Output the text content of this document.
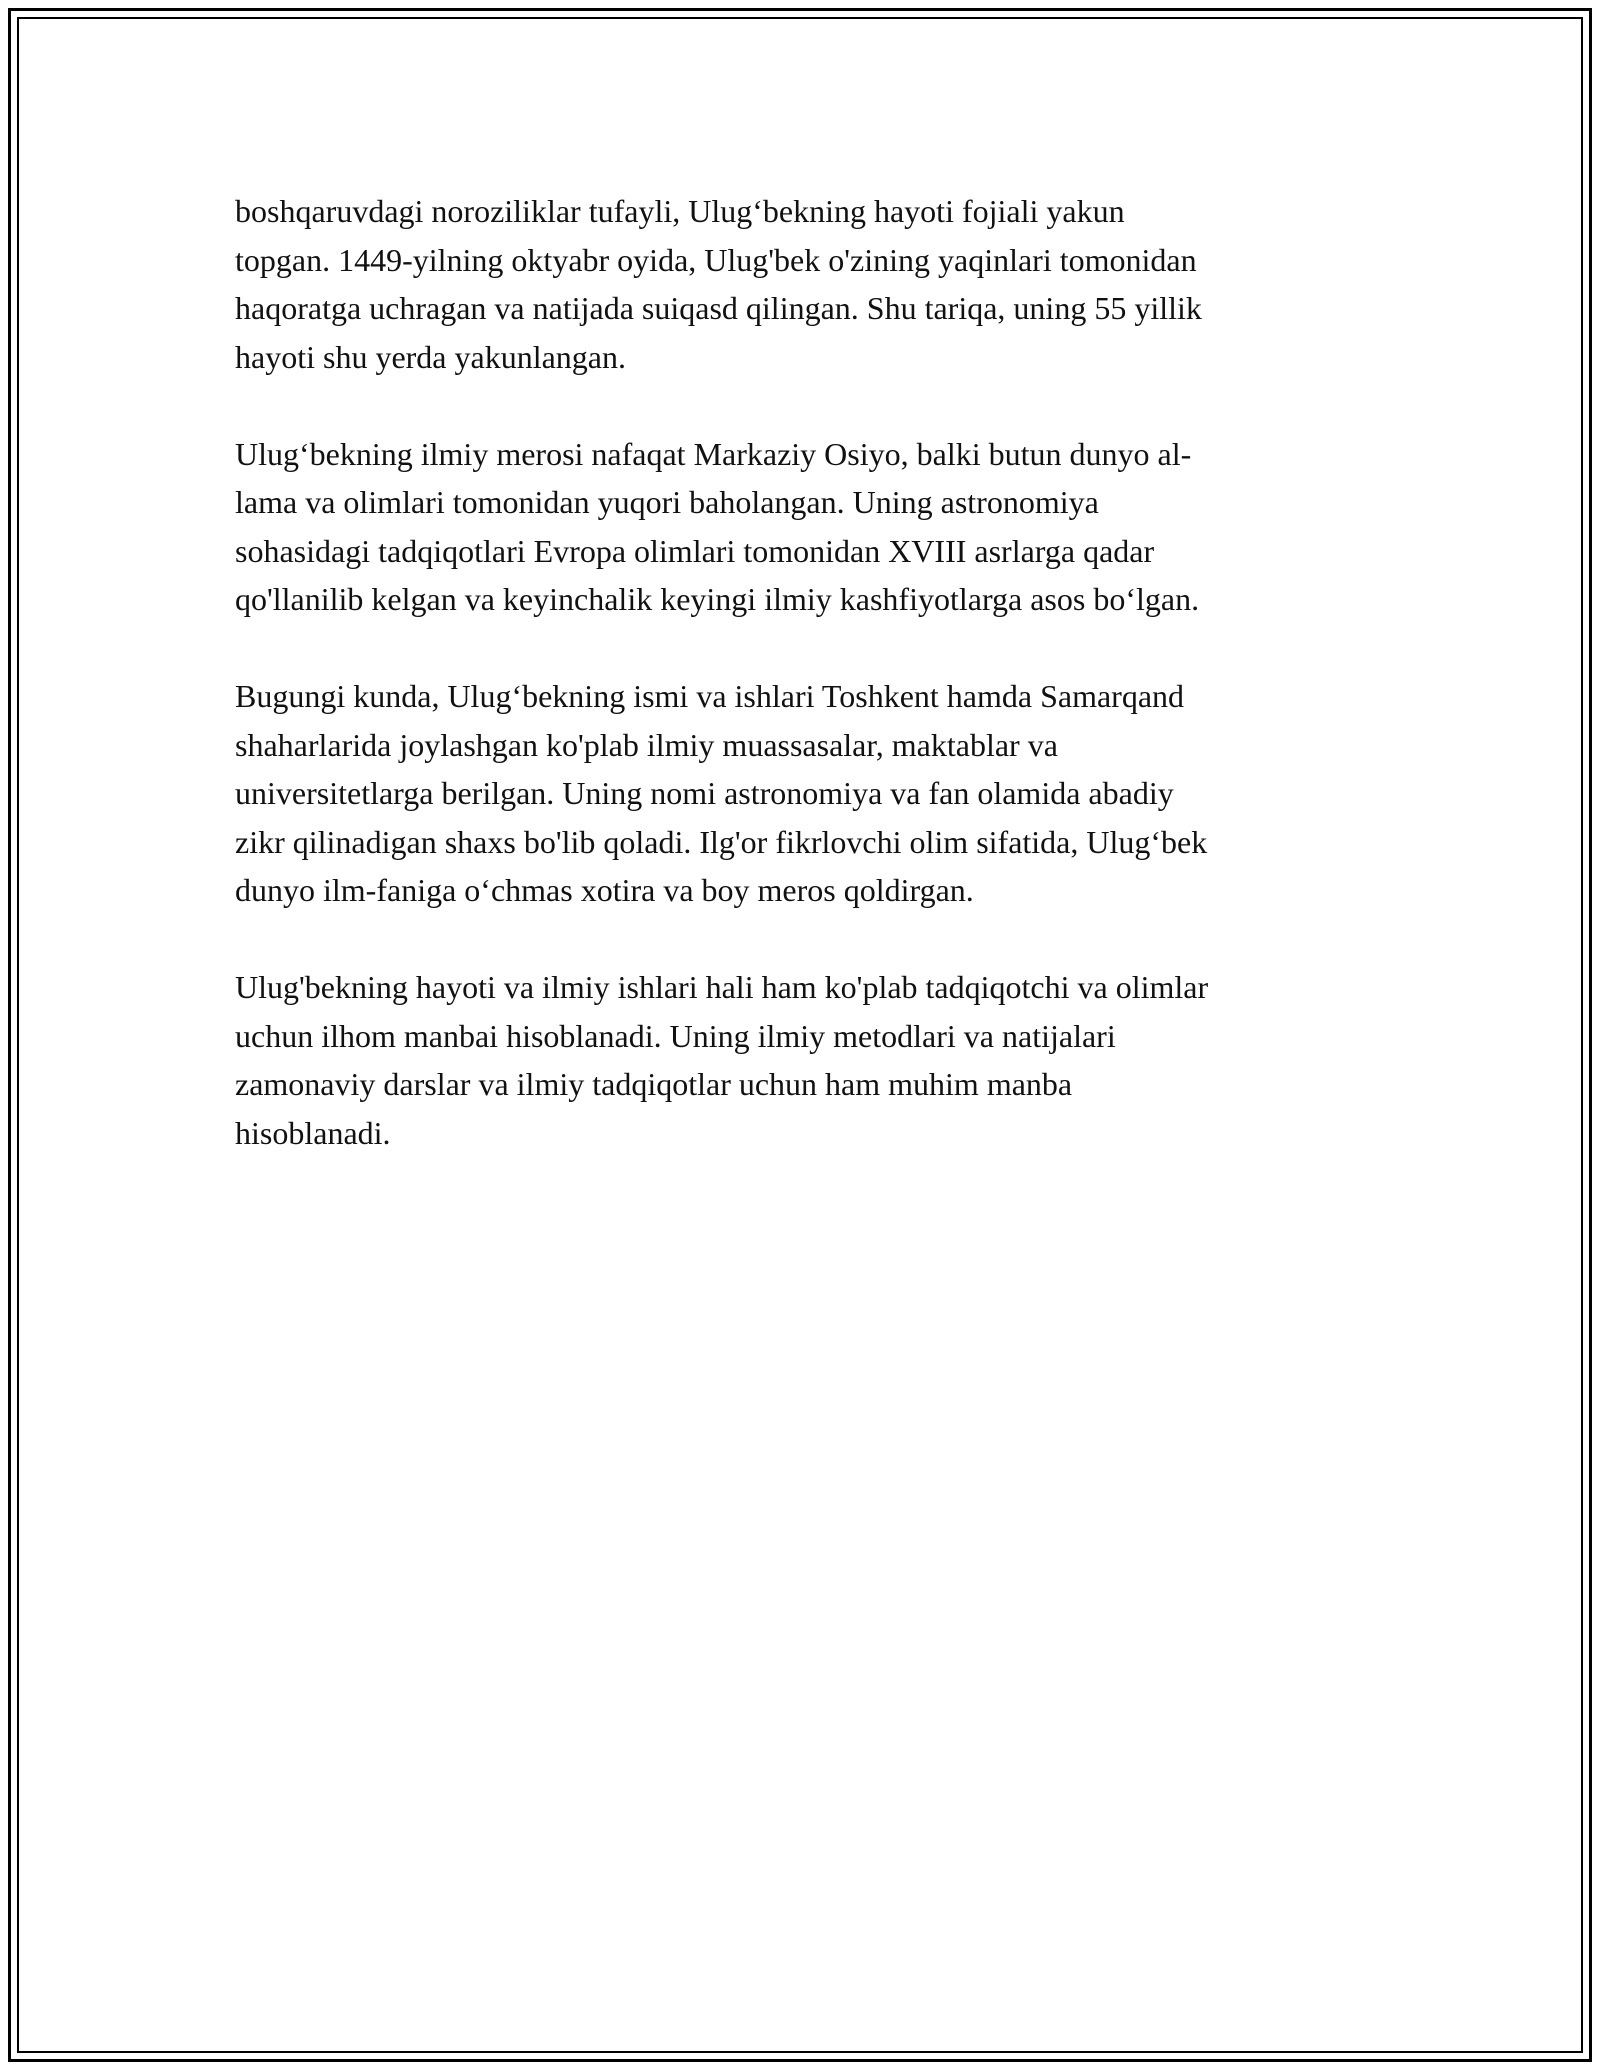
boshqaruvdagi noroziliklar tufayli, Ulug‘bekning hayoti fojiali yakun
topgan. 1449-yilning oktyabr oyida, Ulug'bek o'zining yaqinlari tomonidan
haqoratga uchragan va natijada suiqasd qilingan. Shu tariqa, uning 55 yillik
hayoti shu yerda yakunlangan.

Ulug‘bekning ilmiy merosi nafaqat Markaziy Osiyo, balki butun dunyo al-
lama va olimlari tomonidan yuqori baholangan. Uning astronomiya
sohasidagi tadqiqotlari Evropa olimlari tomonidan XVIII asrlarga qadar
qo'llanilib kelgan va keyinchalik keyingi ilmiy kashfiyotlarga asos bo‘lgan.

Bugungi kunda, Ulug‘bekning ismi va ishlari Toshkent hamda Samarqand
shaharlarida joylashgan ko'plab ilmiy muassasalar, maktablar va
universitetlarga berilgan. Uning nomi astronomiya va fan olamida abadiy
zikr qilinadigan shaxs bo'lib qoladi. Ilg'or fikrlovchi olim sifatida, Ulug‘bek
dunyo ilm-faniga o‘chmas xotira va boy meros qoldirgan.

Ulug'bekning hayoti va ilmiy ishlari hali ham ko'plab tadqiqotchi va olimlar
uchun ilhom manbai hisoblanadi. Uning ilmiy metodlari va natijalari
zamonaviy darslar va ilmiy tadqiqotlar uchun ham muhim manba
hisoblanadi.
